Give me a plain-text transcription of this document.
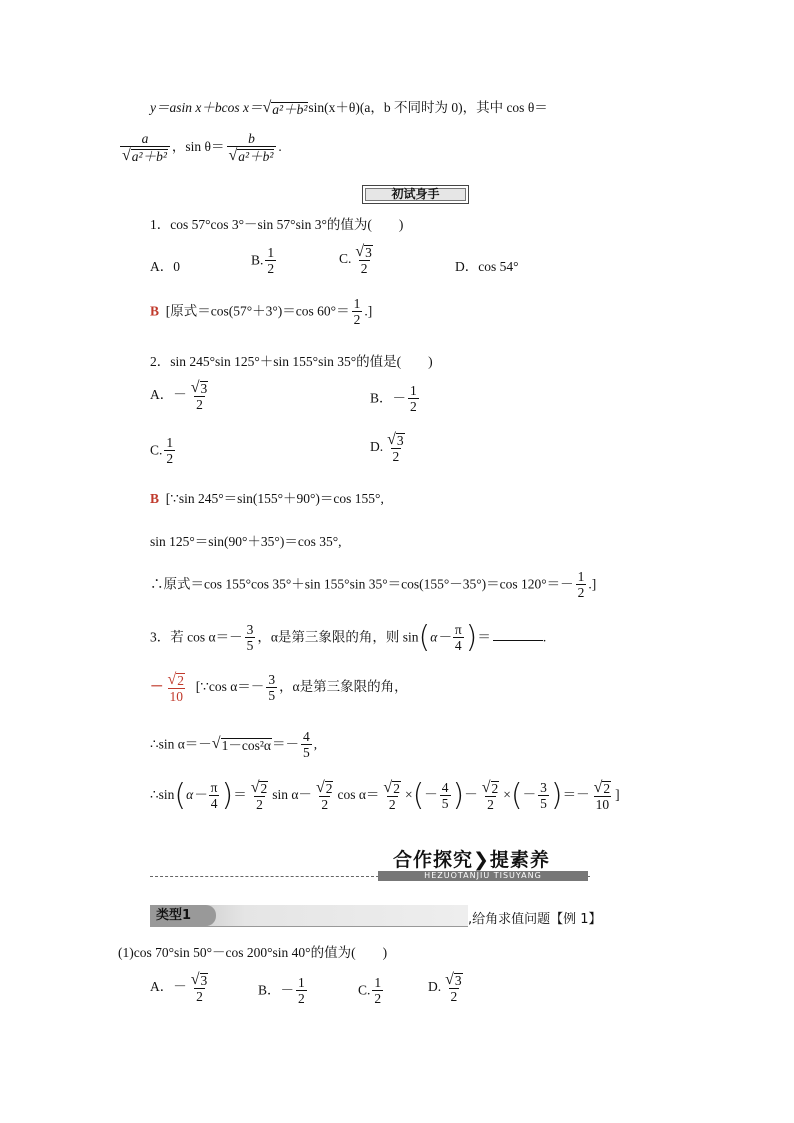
y＝asin x＋bcos x＝ √ a²＋b² sin(x＋θ)(a，b 不同时为 0)，其中 cos θ＝
$\frac{a}{\text{√ a²＋b²}}$ ，$\sin \theta= \frac{b}{\text{√ a²＋b²}}$ .
初试身手
1．cos 57°cos 3°－sin 57°sin 3°的值为(　　)
A．0	B. $\frac{1}{2}$	C. $\frac{√ 3}{2}$	D．cos 54°
B [原式＝cos(57°＋3°)＝cos $60^\circ= \frac{1}{2}$ .]
2．sin 245°sin 125°＋sin 155°sin 35°的值是(　　)
A．－ $\frac{√ 3}{2}$	B．－ $\frac{1}{2}$
C. $\frac{1}{2}$	D. $\frac{√ 3}{2}$
B [∵sin 245°＝sin(155°＋90°)＝cos 155°,
sin 125°＝sin(90°＋35°)＝cos 35°,
∴原式＝cos 155°cos 35°＋sin 155°sin 35°＝cos(155°－35°)＝cos $120^\circ=- \frac{1}{2}$ .]
3．若 $\cos \alpha=- \frac{3}{5}$ ，α是第三象限的角，则 $\sin(\alpha- \frac{\pi}{4}$ )＝	.
－ $\frac{√ 2}{10}$ [∵cos $\alpha=- \frac{3}{5}$ ，α是第三象限的角，
∴sin α＝－ √ $1-\cos^2\alpha =- \frac{4}{5}$ ,
∴sin(α－ $\frac{\pi}{4}$ )＝ $\frac{√ 2}{2}$ $\sin \alpha- \frac{√ 2}{2}$ $\cos \alpha= \frac{√ 2}{2}$ ×(－ $\frac{4}{5}$ )－ $\frac{√ 2}{2}$ ×(－ $\frac{3}{5}$ )＝－ $\frac{√ 2}{10}$ ]
合作探究❯提素养
HEZUOTANJIU TISUYANG
类型1	,给角求值问题【例 1】
(1)cos 70°sin 50°－cos 200°sin 40°的值为(　　)
A．－ $\frac{√ 3}{2}$	B．－ $\frac{1}{2}$	C. $\frac{1}{2}$	D. $\frac{√ 3}{2}$
